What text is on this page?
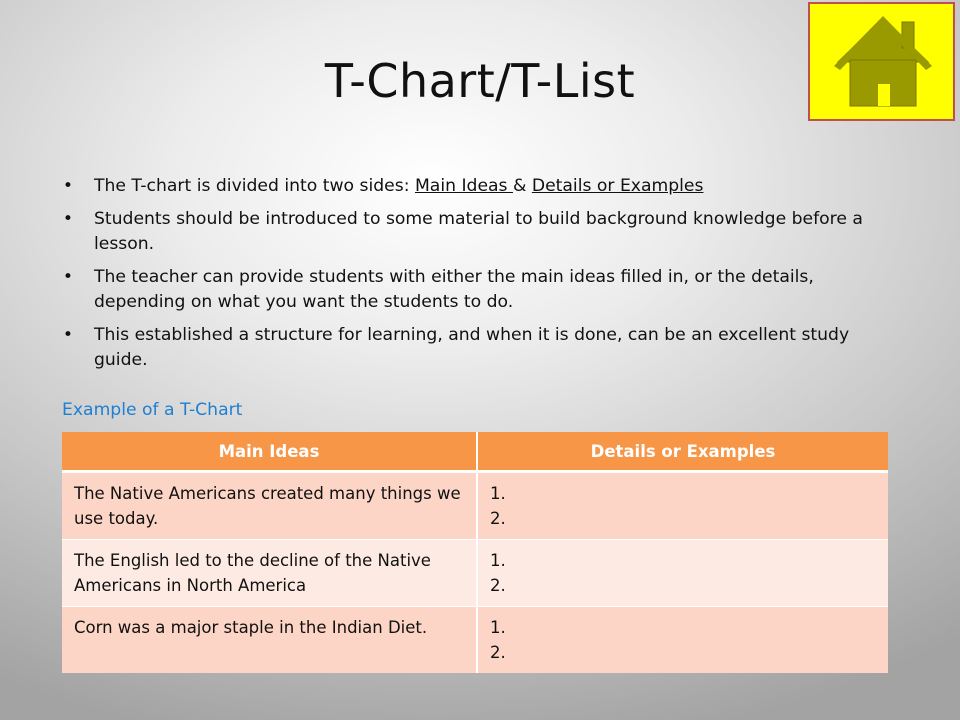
T-Chart/T-List
• The T-chart is divided into two sides: Main Ideas & Details or Examples
• Students should be introduced to some material to build background knowledge before a lesson.
• The teacher can provide students with either the main ideas filled in, or the details, depending on what you want the students to do.
• This established a structure for learning, and when it is done, can be an excellent study guide.
Example of a T-Chart
Main Ideas	Details or Examples
The Native Americans created many things we use today.	1.
2.

The English led to the decline of the Native Americans in North America	1.
2.

Corn was a major staple in the Indian Diet.	1.
2.
